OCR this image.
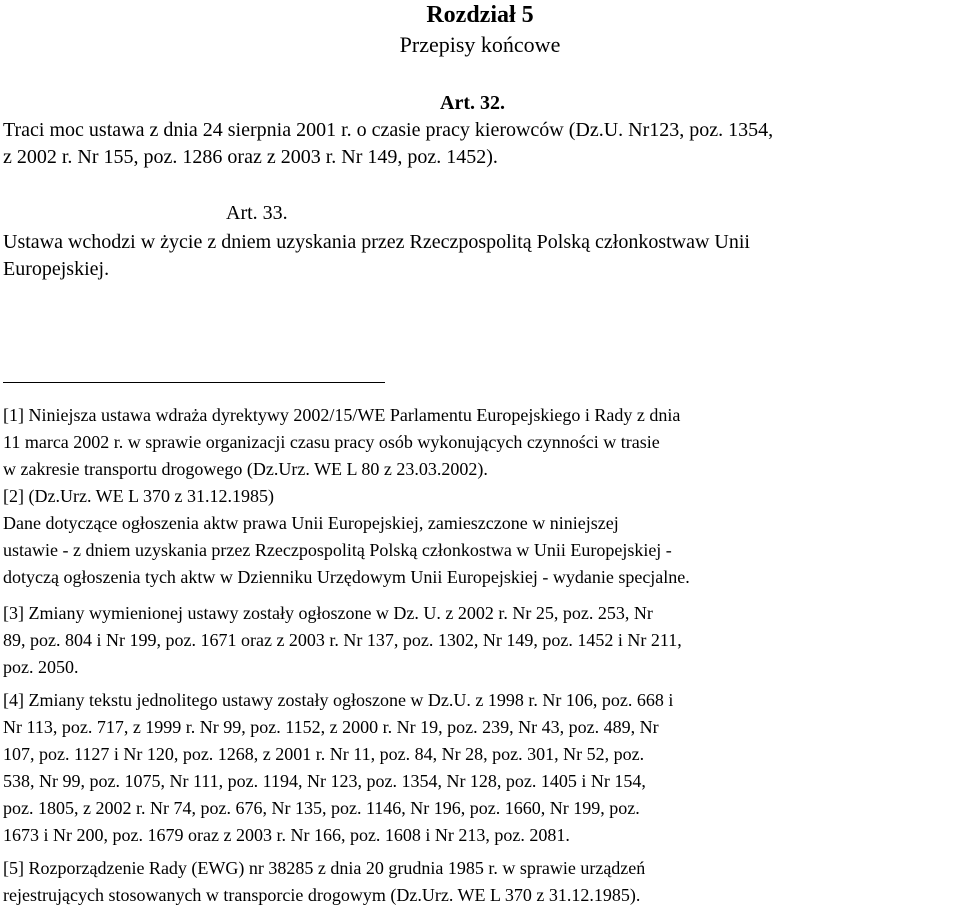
Rozdział 5
Przepisy końcowe
Art. 32.
Traci moc ustawa z dnia 24 sierpnia 2001 r. o czasie pracy kierowców (Dz.U. Nr123, poz. 1354,
z 2002 r. Nr 155, poz. 1286 oraz z 2003 r. Nr 149, poz. 1452).
Art. 33.
Ustawa wchodzi w życie z dniem uzyskania przez Rzeczpospolitą Polską członkostwaw Unii
Europejskiej.
[1] Niniejsza ustawa wdraża dyrektywy 2002/15/WE Parlamentu Europejskiego i Rady z dnia
11 marca 2002 r. w sprawie organizacji czasu pracy osób wykonujących czynności w trasie
w zakresie transportu drogowego (Dz.Urz. WE L 80 z 23.03.2002).
[2] (Dz.Urz. WE L 370 z 31.12.1985)
Dane dotyczące ogłoszenia aktw prawa Unii Europejskiej, zamieszczone w niniejszej
ustawie - z dniem uzyskania przez Rzeczpospolitą Polską członkostwa w Unii Europejskiej -
dotyczą ogłoszenia tych aktw w Dzienniku Urzędowym Unii Europejskiej - wydanie specjalne.
[3] Zmiany wymienionej ustawy zostały ogłoszone w Dz. U. z 2002 r. Nr 25, poz. 253, Nr
89, poz. 804 i Nr 199, poz. 1671 oraz z 2003 r. Nr 137, poz. 1302, Nr 149, poz. 1452 i Nr 211,
poz. 2050.
[4] Zmiany tekstu jednolitego ustawy zostały ogłoszone w Dz.U. z 1998 r. Nr 106, poz. 668 i
Nr 113, poz. 717, z 1999 r. Nr 99, poz. 1152, z 2000 r. Nr 19, poz. 239, Nr 43, poz. 489, Nr
107, poz. 1127 i Nr 120, poz. 1268, z 2001 r. Nr 11, poz. 84, Nr 28, poz. 301, Nr 52, poz.
538, Nr 99, poz. 1075, Nr 111, poz. 1194, Nr 123, poz. 1354, Nr 128, poz. 1405 i Nr 154,
poz. 1805, z 2002 r. Nr 74, poz. 676, Nr 135, poz. 1146, Nr 196, poz. 1660, Nr 199, poz.
1673 i Nr 200, poz. 1679 oraz z 2003 r. Nr 166, poz. 1608 i Nr 213, poz. 2081.
[5] Rozporządzenie Rady (EWG) nr 38285 z dnia 20 grudnia 1985 r. w sprawie urządzeń
rejestrujących stosowanych w transporcie drogowym (Dz.Urz. WE L 370 z 31.12.1985).
